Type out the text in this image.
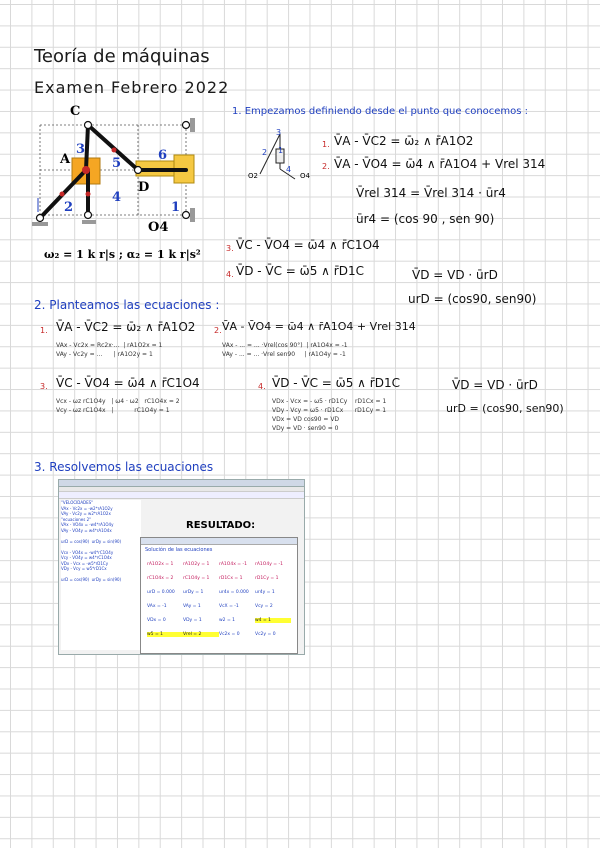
Teoría de máquinas
Examen Febrero 2022
C
A
3
5
6
D
4
2	1
O4
ω₂ = 1 k r|s ; α₂ = 1 k r|s²
1. Empezamos definiendo desde el punto que conocemos :
3
2 1
4
O2	O4
1. V̄A - V̄C2 = ω̄₂ ∧ r̄A1O2
2. V̄A - V̄O4 = ω̄4 ∧ r̄A1O4 + Vrel 314
V̄rel 314 = V̄rel 314 · ūr4
ūr4 = (cos 90 , sen 90)
3. V̄C - V̄O4 = ω̄4 ∧ r̄C1O4
4. V̄D - V̄C = ω̄5 ∧ r̄D1C	V̄D = VD · ūrD
urD = (cos90, sen90)
2. Planteamos las ecuaciones :
1. V̄A - V̄C2 = ω̄₂ ∧ r̄A1O2
VAx - Vc2x = Rc2x·...  | rA1O2x = 1
VAy - Vc2y = ...      | rA1O2y = 1
2. V̄A - V̄O4 = ω̄4 ∧ r̄A1O4 + Vrel 314
VAx - ... = ... ·Vrel(cos 90°)  | rA1O4x = -1
VAy - ... = ... ·Vrel sen90     | rA1O4y = -1
3. V̄C - V̄O4 = ω̄4 ∧ r̄C1O4
Vcx - ωz rC1O4y   | ω4 · ω2   rC1O4x = 2
Vcy - ωz rC1O4x   |           rC1O4y = 1
4. V̄D - V̄C = ω̄5 ∧ r̄D1C
VDx - Vcx = - ω5 · rD1Cy    rD1Cx = 1
VDy - Vcy = ω5 · rD1Cx      rD1Cy = 1
VDx = VD cos90 = VD
VDy = VD · sen90 = 0
V̄D = VD · ūrD
urD = (cos90, sen90)
3. Resolvemos las ecuaciones
"VELOCIDADES"
VAx - Vc2x = -w2*rA1O2y
VAy - Vc2y = w2*rA1O2x
"ecuaciones 2"
VAx - VO4x = -w4*rA1O4y
VAy - VO4y = w4*rA1O4x

urD = cos(90)  urDy = sin(90)

Vcx - VO4x = -w4*rC1O4y
Vcy - VO4y = w4*rC1O4x
VDx - Vcx = -w5*rD1Cy
VDy - Vcy = w5*rD1Cx

urD = cos(90)  urDy = sin(90)
RESULTADO:
Solución de las ecuaciones
rA1O2x = 1	rA1O2y = 1	rA1O4x = -1	rA1O4y = -1
rC1O4x = 2	rC1O4y = 1	rD1Cx = 1	rD1Cy = 1
urD = 0.000	urDy = 1	ur4x = 0.000	ur4y = 1
VAx = -1	VAy = 1	VcX = -1	Vcy = 2
VDx = 0	VDy = 1	w2 = 1	w4 = 1
w5 = 1	Vrel = 2	Vc2x = 0	Vc2y = 0
